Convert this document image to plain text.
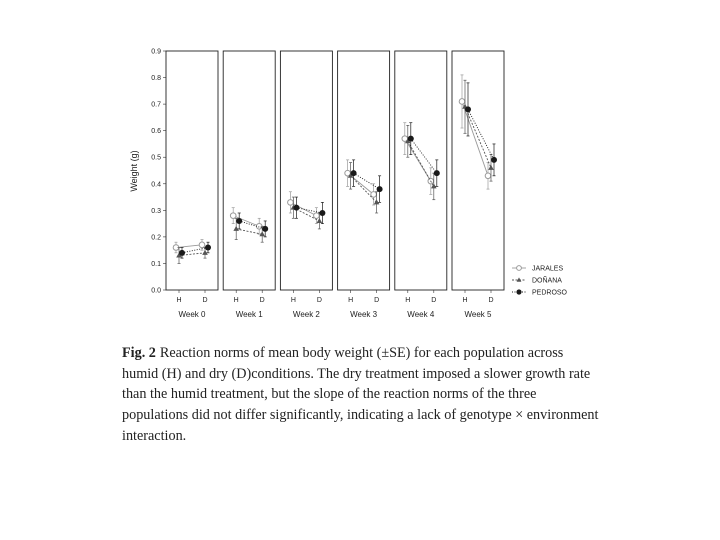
Weight (g)
0.0
0.1
0.2
0.3
0.4
0.5
0.6
0.7
0.8
0.9
H	D
Week 0
H	D
Week 1
H	D
Week 2
H	D
Week 3
H	D
Week 4
H	D
Week 5
JARALES
DOÑANA
PEDROSO
Fig. 2 Reaction norms of mean body weight (±SE) for each population across humid (H) and dry (D)conditions. The dry treatment imposed a slower growth rate than the humid treatment, but the slope of the reaction norms of the three populations did not differ significantly, indicating a lack of genotype × environment interaction.
